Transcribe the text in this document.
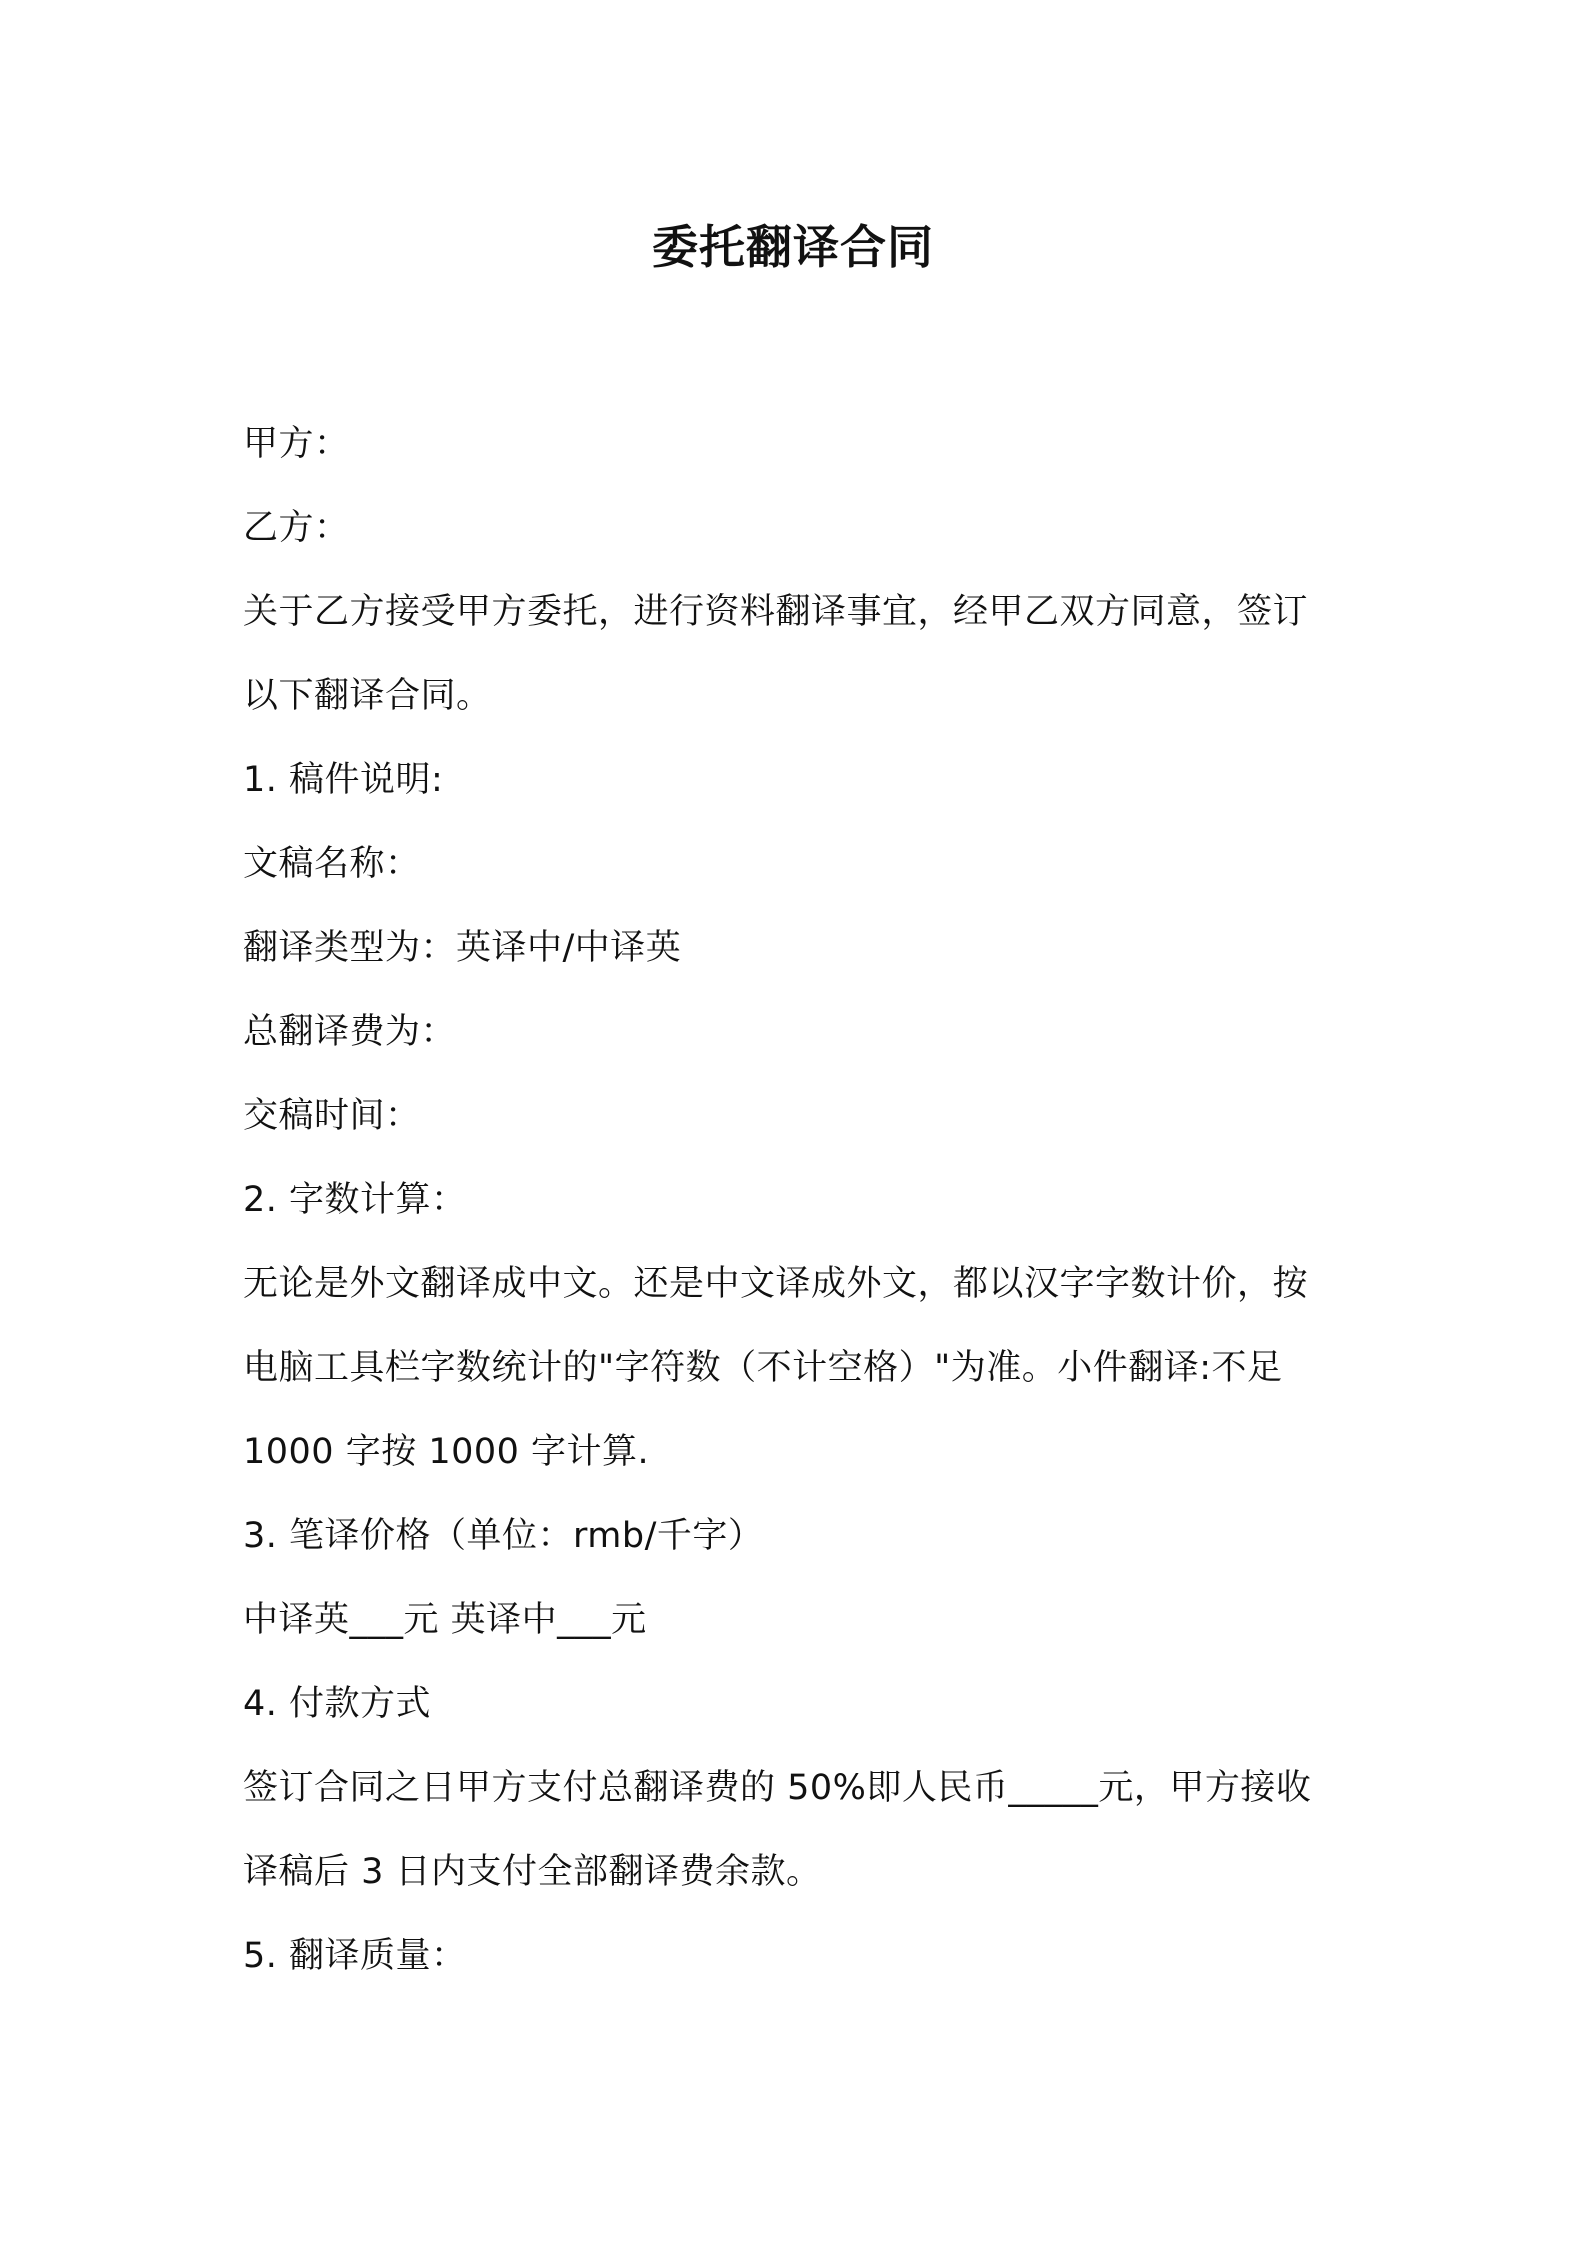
委托翻译合同
甲方：
乙方：
关于乙方接受甲方委托，进行资料翻译事宜，经甲乙双方同意，签订
以下翻译合同。
1. 稿件说明:
文稿名称：
翻译类型为：英译中/中译英
总翻译费为：
交稿时间：
2. 字数计算：
无论是外文翻译成中文。还是中文译成外文，都以汉字字数计价，按
电脑工具栏字数统计的"字符数（不计空格）"为准。小件翻译:不足
1000 字按 1000 字计算.
3. 笔译价格（单位：rmb/千字）
中译英___元 英译中___元
4. 付款方式
签订合同之日甲方支付总翻译费的 50%即人民币_____元，甲方接收
译稿后 3 日内支付全部翻译费余款。
5. 翻译质量：
